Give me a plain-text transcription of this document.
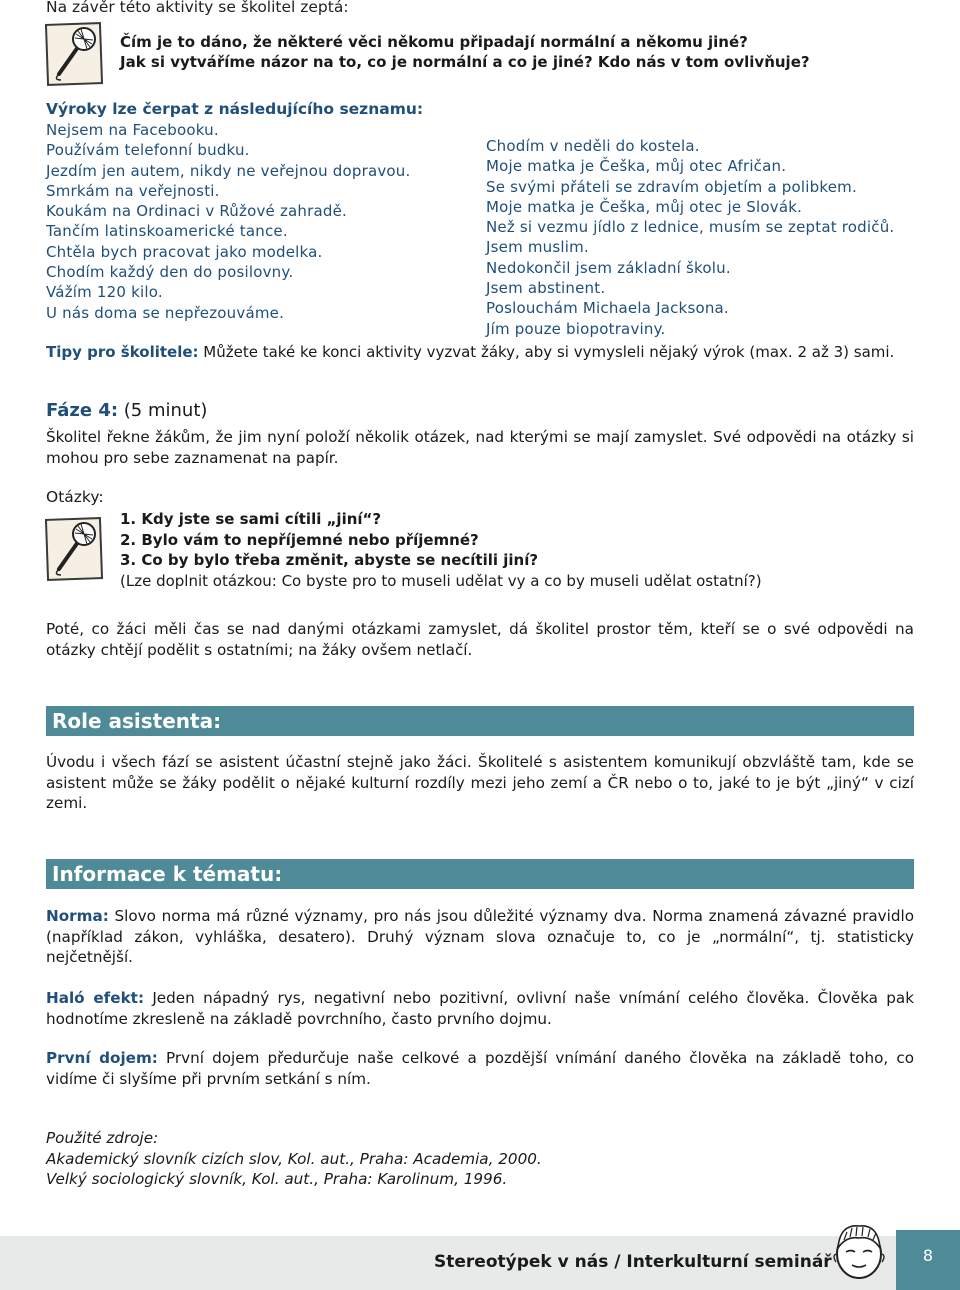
Na závěr této aktivity se školitel zeptá:
Čím je to dáno, že některé věci někomu připadají normální a někomu jiné?
Jak si vytváříme názor na to, co je normální a co je jiné? Kdo nás v tom ovlivňuje?
Výroky lze čerpat z následujícího seznamu:
Nejsem na Facebooku.
Používám telefonní budku.
Jezdím jen autem, nikdy ne veřejnou dopravou.
Smrkám na veřejnosti.
Koukám na Ordinaci v Růžové zahradě.
Tančím latinskoamerické tance.
Chtěla bych pracovat jako modelka.
Chodím každý den do posilovny.
Vážím 120 kilo.
U nás doma se nepřezouváme.
Chodím v neděli do kostela.
Moje matka je Češka, můj otec Afričan.
Se svými přáteli se zdravím objetím a polibkem.
Moje matka je Češka, můj otec je Slovák.
Než si vezmu jídlo z lednice, musím se zeptat rodičů.
Jsem muslim.
Nedokončil jsem základní školu.
Jsem abstinent.
Poslouchám Michaela Jacksona.
Jím pouze biopotraviny.
Tipy pro školitele: Můžete také ke konci aktivity vyzvat žáky, aby si vymysleli nějaký výrok (max. 2 až 3) sami.
Fáze 4: (5 minut)
Školitel řekne žákům, že jim nyní položí několik otázek, nad kterými se mají zamyslet. Své odpovědi na otázky si mohou pro sebe zaznamenat na papír.
Otázky:
1. Kdy jste se sami cítili „jiní“?
2. Bylo vám to nepříjemné nebo příjemné?
3. Co by bylo třeba změnit, abyste se necítili jiní?
(Lze doplnit otázkou: Co byste pro to museli udělat vy a co by museli udělat ostatní?)
Poté, co žáci měli čas se nad danými otázkami zamyslet, dá školitel prostor těm, kteří se o své odpovědi na otázky chtějí podělit s ostatními; na žáky ovšem netlačí.
Role asistenta:
Úvodu i všech fází se asistent účastní stejně jako žáci. Školitelé s asistentem komunikují obzvláště tam, kde se asistent může se žáky podělit o nějaké kulturní rozdíly mezi jeho zemí a ČR nebo o to, jaké to je být „jiný“ v cizí zemi.
Informace k tématu:
Norma: Slovo norma má různé významy, pro nás jsou důležité významy dva. Norma znamená závazné pravidlo (například zákon, vyhláška, desatero). Druhý význam slova označuje to, co je „normální“, tj. statisticky nejčetnější.
Haló efekt: Jeden nápadný rys, negativní nebo pozitivní, ovlivní naše vnímání celého člověka. Člověka pak hodnotíme zkresleně na základě povrchního, často prvního dojmu.
První dojem: První dojem předurčuje naše celkové a pozdější vnímání daného člověka na základě toho, co vidíme či slyšíme při prvním setkání s ním.
Použité zdroje:
Akademický slovník cizích slov, Kol. aut., Praha: Academia, 2000.
Velký sociologický slovník, Kol. aut., Praha: Karolinum, 1996.
Stereotýpek v nás / Interkulturní seminář	8
